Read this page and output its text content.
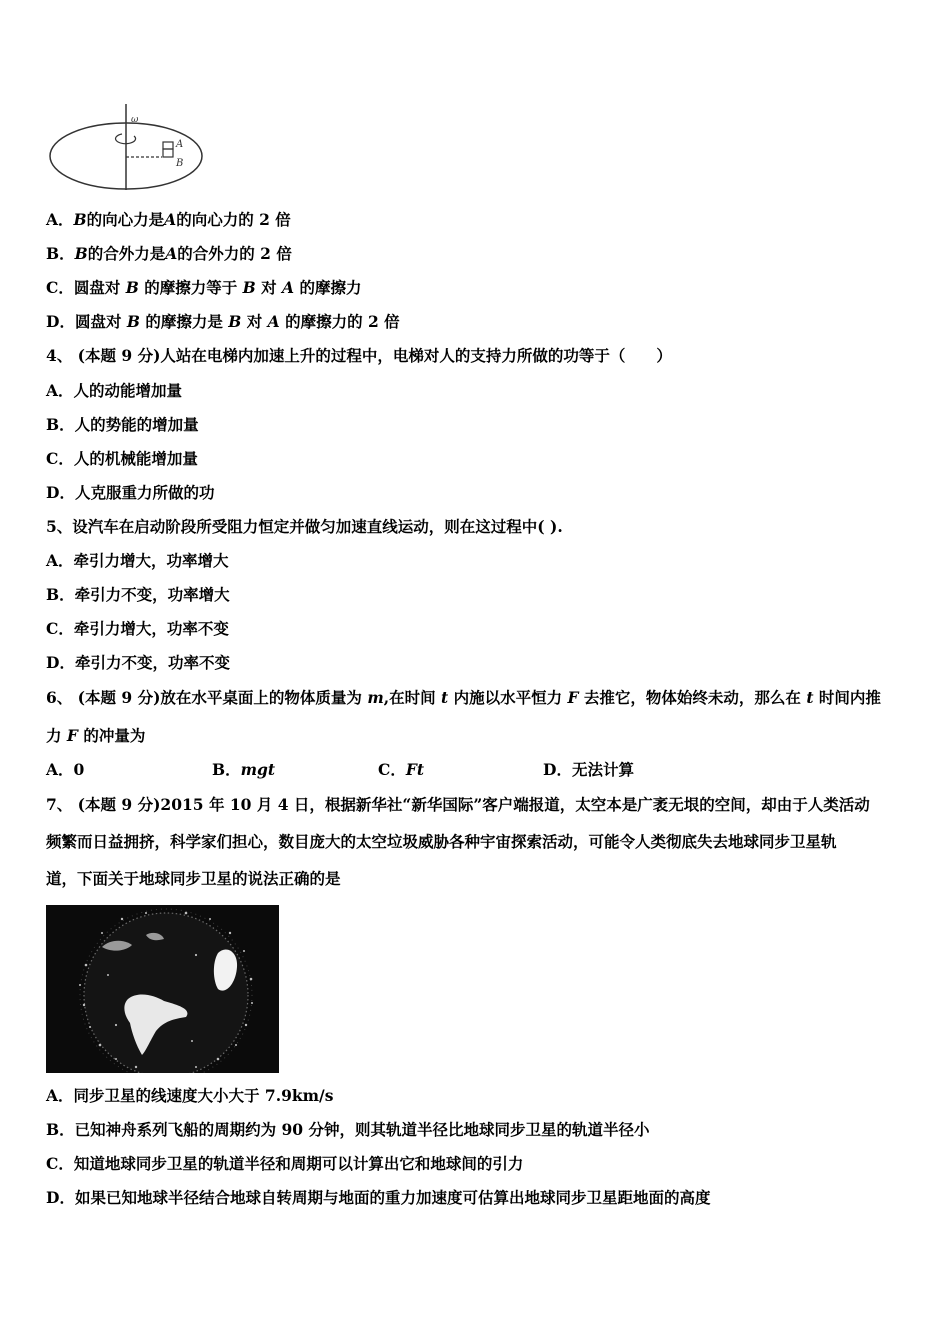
ω
A
B
A．B的向心力是A的向心力的 2 倍
B．B的合外力是A的合外力的 2 倍
C．圆盘对 B 的摩擦力等于 B 对 A 的摩擦力
D．圆盘对 B 的摩擦力是 B 对 A 的摩擦力的 2 倍
4、 (本题 9 分)人站在电梯内加速上升的过程中，电梯对人的支持力所做的功等于（　　）
A．人的动能增加量
B．人的势能的增加量
C．人的机械能增加量
D．人克服重力所做的功
5、设汽车在启动阶段所受阻力恒定并做匀加速直线运动，则在这过程中( ).
A．牵引力增大，功率增大
B．牵引力不变，功率增大
C．牵引力增大，功率不变
D．牵引力不变，功率不变
6、 (本题 9 分)放在水平桌面上的物体质量为 m,在时间 t 内施以水平恒力 F 去推它，物体始终未动，那么在 t 时间内推
力 F 的冲量为
A．0	B．mgt	C．Ft	D．无法计算
7、 (本题 9 分)2015 年 10 月 4 日，根据新华社“新华国际”客户端报道，太空本是广袤无垠的空间，却由于人类活动
频繁而日益拥挤，科学家们担心，数目庞大的太空垃圾威胁各种宇宙探索活动，可能令人类彻底失去地球同步卫星轨
道，下面关于地球同步卫星的说法正确的是
A．同步卫星的线速度大小大于 7.9km/s
B．已知神舟系列飞船的周期约为 90 分钟，则其轨道半径比地球同步卫星的轨道半径小
C．知道地球同步卫星的轨道半径和周期可以计算出它和地球间的引力
D．如果已知地球半径结合地球自转周期与地面的重力加速度可估算出地球同步卫星距地面的高度
